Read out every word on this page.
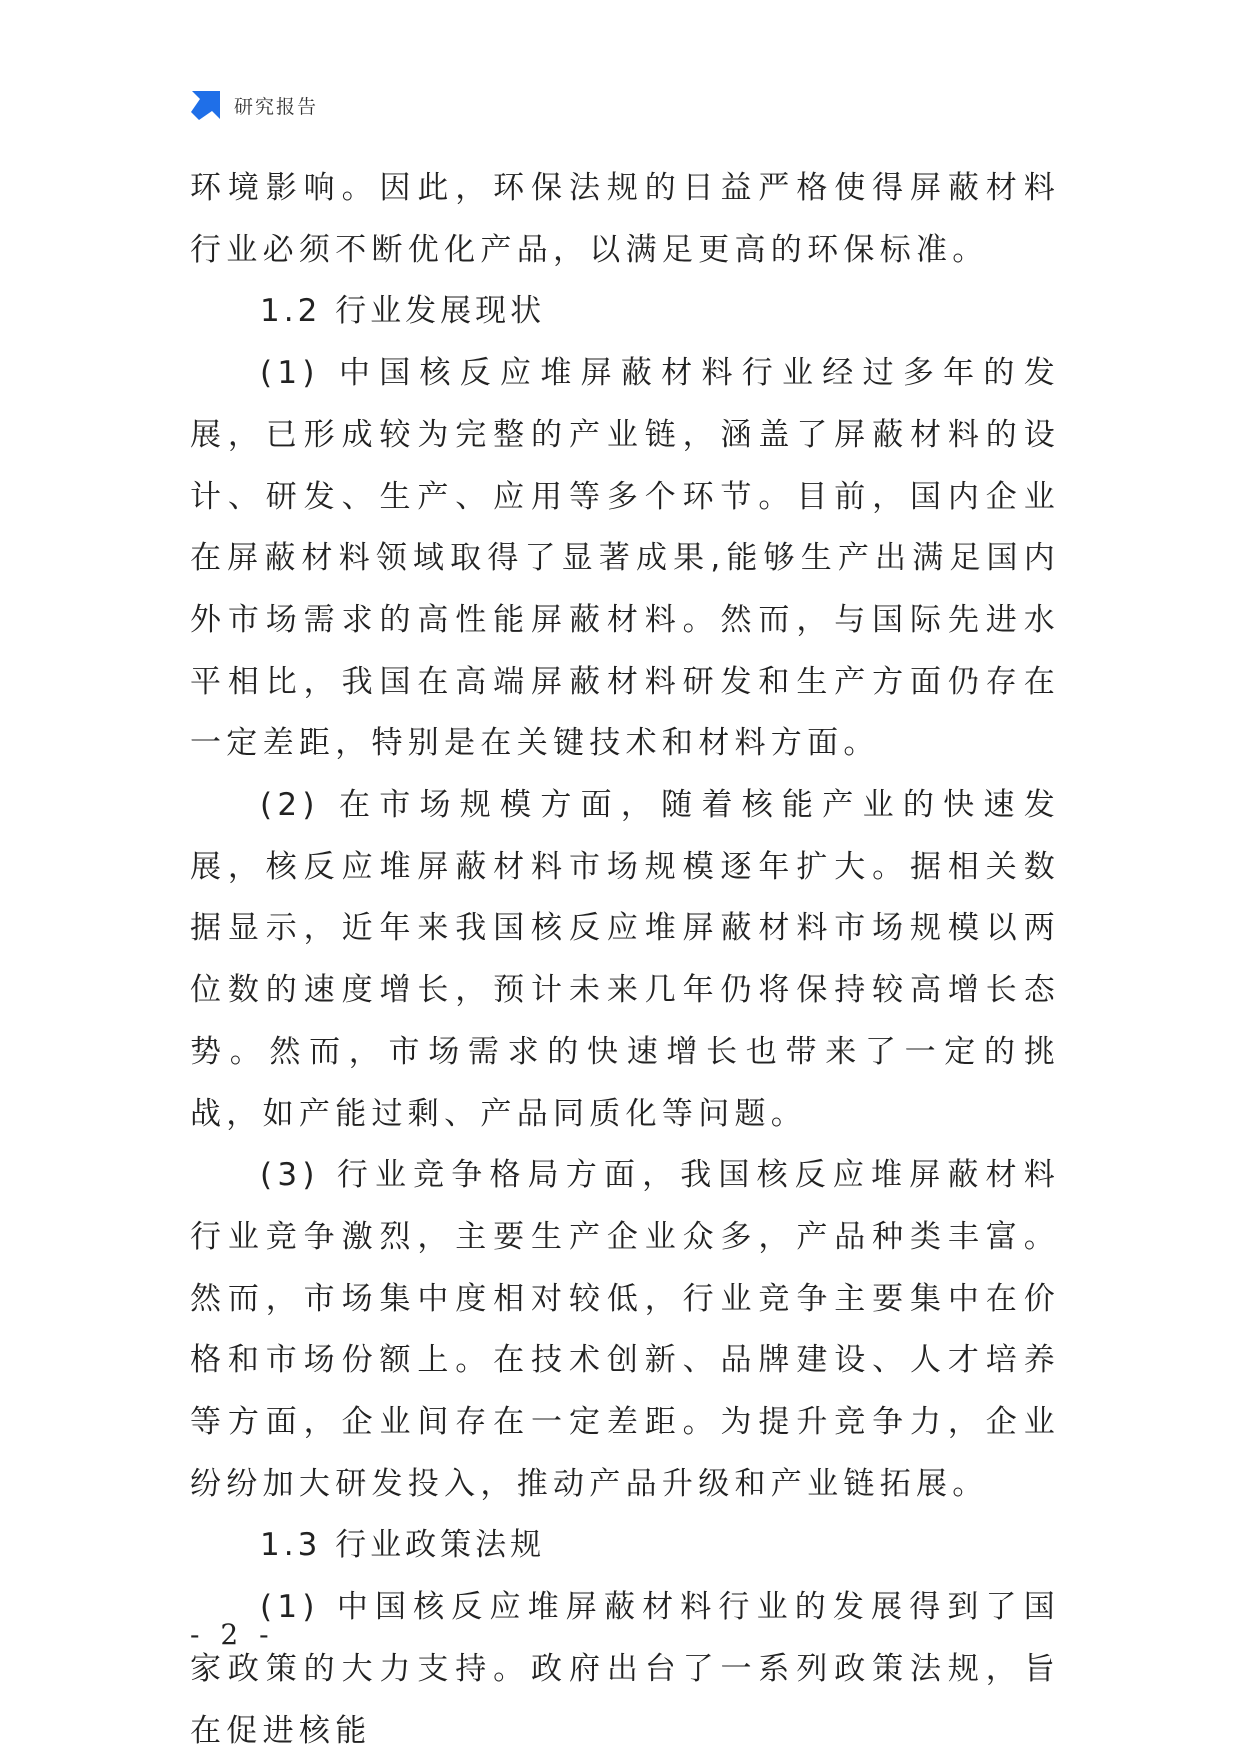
研究报告

环境影响。因此，环保法规的日益严格使得屏蔽材料行业必须不断优化产品，以满足更高的环保标准。

1.2 行业发展现状

(1) 中国核反应堆屏蔽材料行业经过多年的发展，已形成较为完整的产业链，涵盖了屏蔽材料的设计、研发、生产、应用等多个环节。目前，国内企业在屏蔽材料领域取得了显著成果,能够生产出满足国内外市场需求的高性能屏蔽材料。然而，与国际先进水平相比，我国在高端屏蔽材料研发和生产方面仍存在一定差距，特别是在关键技术和材料方面。

(2) 在市场规模方面，随着核能产业的快速发展，核反应堆屏蔽材料市场规模逐年扩大。据相关数据显示，近年来我国核反应堆屏蔽材料市场规模以两位数的速度增长，预计未来几年仍将保持较高增长态势。然而，市场需求的快速增长也带来了一定的挑战，如产能过剩、产品同质化等问题。

(3) 行业竞争格局方面，我国核反应堆屏蔽材料行业竞争激烈，主要生产企业众多，产品种类丰富。然而，市场集中度相对较低，行业竞争主要集中在价格和市场份额上。在技术创新、品牌建设、人才培养等方面，企业间存在一定差距。为提升竞争力，企业纷纷加大研发投入，推动产品升级和产业链拓展。

1.3 行业政策法规

(1) 中国核反应堆屏蔽材料行业的发展得到了国家政策的大力支持。政府出台了一系列政策法规，旨在促进核能

- 2 -
